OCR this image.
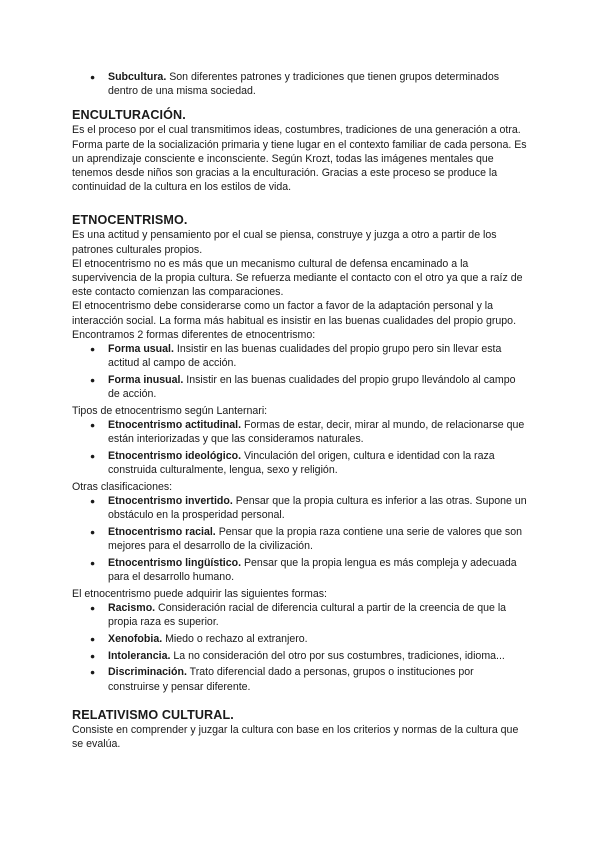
● Subcultura. Son diferentes patrones y tradiciones que tienen grupos determinados dentro de una misma sociedad.
ENCULTURACIÓN.

Es el proceso por el cual transmitimos ideas, costumbres, tradiciones de una generación a otra. Forma parte de la socialización primaria y tiene lugar en el contexto familiar de cada persona. Es un aprendizaje consciente e inconsciente. Según Krozt, todas las imágenes mentales que tenemos desde niños son gracias a la enculturación. Gracias a este proceso se produce la continuidad de la cultura en los estilos de vida.

ETNOCENTRISMO.

Es una actitud y pensamiento por el cual se piensa, construye y juzga a otro a partir de los patrones culturales propios.

El etnocentrismo no es más que un mecanismo cultural de defensa encaminado a la supervivencia de la propia cultura. Se refuerza mediante el contacto con el otro ya que a raíz de este contacto comienzan las comparaciones.

El etnocentrismo debe considerarse como un factor a favor de la adaptación personal y la interacción social. La forma más habitual es insistir en las buenas cualidades del propio grupo.

Encontramos 2 formas diferentes de etnocentrismo:

● Forma usual. Insistir en las buenas cualidades del propio grupo pero sin llevar esta actitud al campo de acción.
● Forma inusual. Insistir en las buenas cualidades del propio grupo llevándolo al campo de acción.

Tipos de etnocentrismo según Lanternari:

● Etnocentrismo actitudinal. Formas de estar, decir, mirar al mundo, de relacionarse que están interiorizadas y que las consideramos naturales.
● Etnocentrismo ideológico. Vinculación del origen, cultura e identidad con la raza construida culturalmente, lengua, sexo y religión.

Otras clasificaciones:

● Etnocentrismo invertido. Pensar que la propia cultura es inferior a las otras. Supone un obstáculo en la prosperidad personal.
● Etnocentrismo racial. Pensar que la propia raza contiene una serie de valores que son mejores para el desarrollo de la civilización.
● Etnocentrismo lingüístico. Pensar que la propia lengua es más compleja y adecuada para el desarrollo humano.

El etnocentrismo puede adquirir las siguientes formas:

● Racismo. Consideración racial de diferencia cultural a partir de la creencia de que la propia raza es superior.
● Xenofobia. Miedo o rechazo al extranjero.
● Intolerancia. La no consideración del otro por sus costumbres, tradiciones, idioma...
● Discriminación. Trato diferencial dado a personas, grupos o instituciones por construirse y pensar diferente.
RELATIVISMO CULTURAL.

Consiste en comprender y juzgar la cultura con base en los criterios y normas de la cultura que se evalúa.
